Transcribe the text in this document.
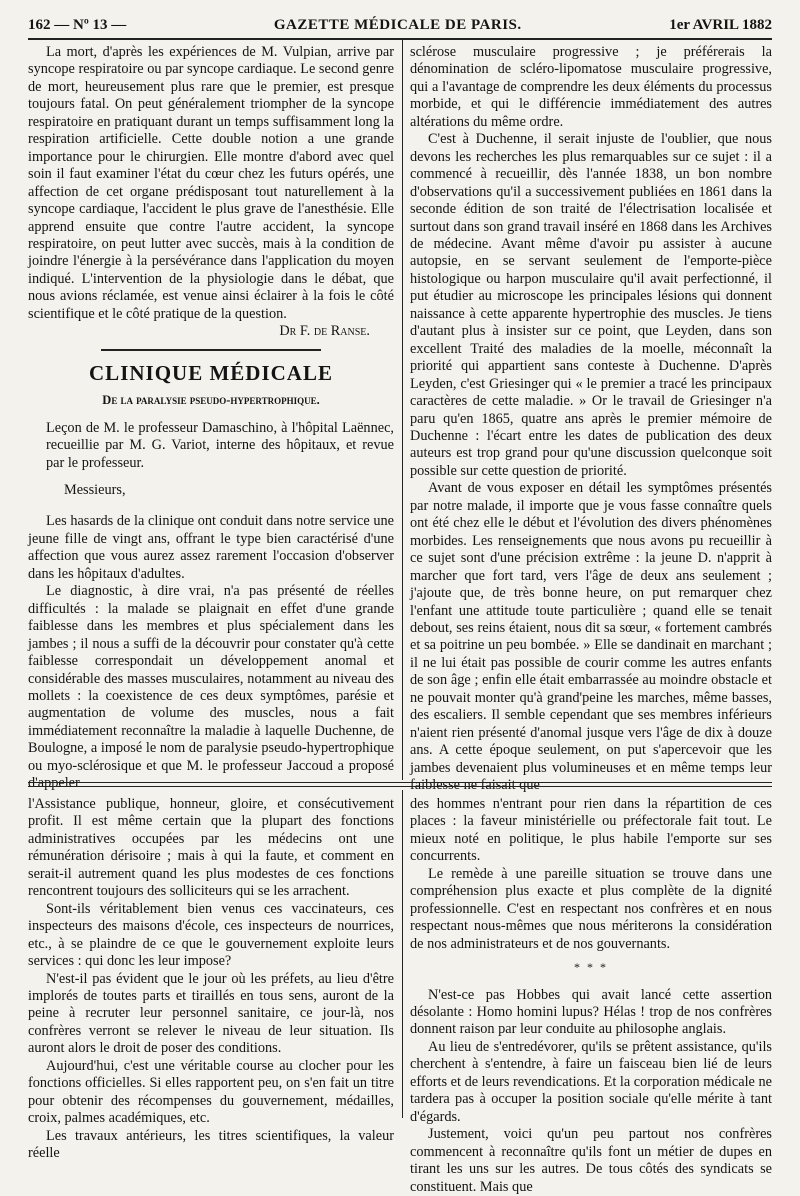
162 — Nº 13 —	GAZETTE MÉDICALE DE PARIS.	1er AVRIL 1882

La mort, d'après les expériences de M. Vulpian, arrive par syncope respiratoire ou par syncope cardiaque. Le second genre de mort, heureusement plus rare que le premier, est presque toujours fatal. On peut généralement triompher de la syncope respiratoire en pratiquant durant un temps suffisamment long la respiration artificielle. Cette double notion a une grande importance pour le chirurgien. Elle montre d'abord avec quel soin il faut examiner l'état du cœur chez les futurs opérés, une affection de cet organe prédisposant tout naturellement à la syncope cardiaque, l'accident le plus grave de l'anesthésie. Elle apprend ensuite que contre l'autre accident, la syncope respiratoire, on peut lutter avec succès, mais à la condition de joindre l'énergie à la persévérance dans l'application du moyen indiqué. L'intervention de la physiologie dans le débat, que nous avions réclamée, est venue ainsi éclairer à la fois le côté scientifique et le côté pratique de la question.

Dr F. de Ranse.

CLINIQUE MÉDICALE
De la paralysie pseudo-hypertrophique.

Leçon de M. le professeur Damaschino, à l'hôpital Laënnec, recueillie par M. G. Variot, interne des hôpitaux, et revue par le professeur.

Messieurs,

Les hasards de la clinique ont conduit dans notre service une jeune fille de vingt ans, offrant le type bien caractérisé d'une affection que vous aurez assez rarement l'occasion d'observer dans les hôpitaux d'adultes.

Le diagnostic, à dire vrai, n'a pas présenté de réelles difficultés : la malade se plaignait en effet d'une grande faiblesse dans les membres et plus spécialement dans les jambes ; il nous a suffi de la découvrir pour constater qu'à cette faiblesse correspondait un développement anomal et considérable des masses musculaires, notamment au niveau des mollets : la coexistence de ces deux symptômes, parésie et augmentation de volume des muscles, nous a fait immédiatement reconnaître la maladie à laquelle Duchenne, de Boulogne, a imposé le nom de paralysie pseudo-hypertrophique ou myo-sclérosique et que M. le professeur Jaccoud a proposé d'appeler

sclérose musculaire progressive ; je préférerais la dénomination de scléro-lipomatose musculaire progressive, qui a l'avantage de comprendre les deux éléments du processus morbide, et qui le différencie immédiatement des autres altérations du même ordre.

C'est à Duchenne, il serait injuste de l'oublier, que nous devons les recherches les plus remarquables sur ce sujet : il a commencé à recueillir, dès l'année 1838, un bon nombre d'observations qu'il a successivement publiées en 1861 dans la seconde édition de son traité de l'électrisation localisée et surtout dans son grand travail inséré en 1868 dans les Archives de médecine. Avant même d'avoir pu assister à aucune autopsie, en se servant seulement de l'emporte-pièce histologique ou harpon musculaire qu'il avait perfectionné, il put étudier au microscope les principales lésions qui donnent naissance à cette apparente hypertrophie des muscles. Je tiens d'autant plus à insister sur ce point, que Leyden, dans son excellent Traité des maladies de la moelle, méconnaît la priorité qui appartient sans conteste à Duchenne. D'après Leyden, c'est Griesinger qui « le premier a tracé les principaux caractères de cette maladie. » Or le travail de Griesinger n'a paru qu'en 1865, quatre ans après le premier mémoire de Duchenne : l'écart entre les dates de publication des deux auteurs est trop grand pour qu'une discussion quelconque soit possible sur cette question de priorité.

Avant de vous exposer en détail les symptômes présentés par notre malade, il importe que je vous fasse connaître quels ont été chez elle le début et l'évolution des divers phénomènes morbides. Les renseignements que nous avons pu recueillir à ce sujet sont d'une précision extrême : la jeune D. n'apprit à marcher que fort tard, vers l'âge de deux ans seulement ; j'ajoute que, de très bonne heure, on put remarquer chez l'enfant une attitude toute particulière ; quand elle se tenait debout, ses reins étaient, nous dit sa sœur, « fortement cambrés et sa poitrine un peu bombée. » Elle se dandinait en marchant ; il ne lui était pas possible de courir comme les autres enfants de son âge ; enfin elle était embarrassée au moindre obstacle et ne pouvait monter qu'à grand'peine les marches, même basses, des escaliers. Il semble cependant que ses membres inférieurs n'aient rien présenté d'anomal jusque vers l'âge de dix à douze ans. A cette époque seulement, on put s'apercevoir que les jambes devenaient plus volumineuses et en même temps leur faiblesse ne faisait que

l'Assistance publique, honneur, gloire, et consécutivement profit. Il est même certain que la plupart des fonctions administratives occupées par les médecins ont une rémunération dérisoire ; mais à qui la faute, et comment en serait-il autrement quand les plus modestes de ces fonctions rencontrent toujours des solliciteurs qui se les arrachent.

Sont-ils véritablement bien venus ces vaccinateurs, ces inspecteurs des maisons d'école, ces inspecteurs de nourrices, etc., à se plaindre de ce que le gouvernement exploite leurs services : qui donc les leur impose?

N'est-il pas évident que le jour où les préfets, au lieu d'être implorés de toutes parts et tiraillés en tous sens, auront de la peine à recruter leur personnel sanitaire, ce jour-là, nos confrères verront se relever le niveau de leur situation. Ils auront alors le droit de poser des conditions.

Aujourd'hui, c'est une véritable course au clocher pour les fonctions officielles. Si elles rapportent peu, on s'en fait un titre pour obtenir des récompenses du gouvernement, médailles, croix, palmes académiques, etc.

Les travaux antérieurs, les titres scientifiques, la valeur réelle

des hommes n'entrant pour rien dans la répartition de ces places : la faveur ministérielle ou préfectorale fait tout. Le mieux noté en politique, le plus habile l'emporte sur ses concurrents.

Le remède à une pareille situation se trouve dans une compréhension plus exacte et plus complète de la dignité professionnelle. C'est en respectant nos confrères et en nous respectant nous-mêmes que nous mériterons la considération de nos administrateurs et de nos gouvernants.

* * *

N'est-ce pas Hobbes qui avait lancé cette assertion désolante : Homo homini lupus? Hélas ! trop de nos confrères donnent raison par leur conduite au philosophe anglais.

Au lieu de s'entredévorer, qu'ils se prêtent assistance, qu'ils cherchent à s'entendre, à faire un faisceau bien lié de leurs efforts et de leurs revendications. Et la corporation médicale ne tardera pas à occuper la position sociale qu'elle mérite à tant d'égards.

Justement, voici qu'un peu partout nos confrères commencent à reconnaître qu'ils font un métier de dupes en tirant les uns sur les autres. De tous côtés des syndicats se constituent. Mais que
